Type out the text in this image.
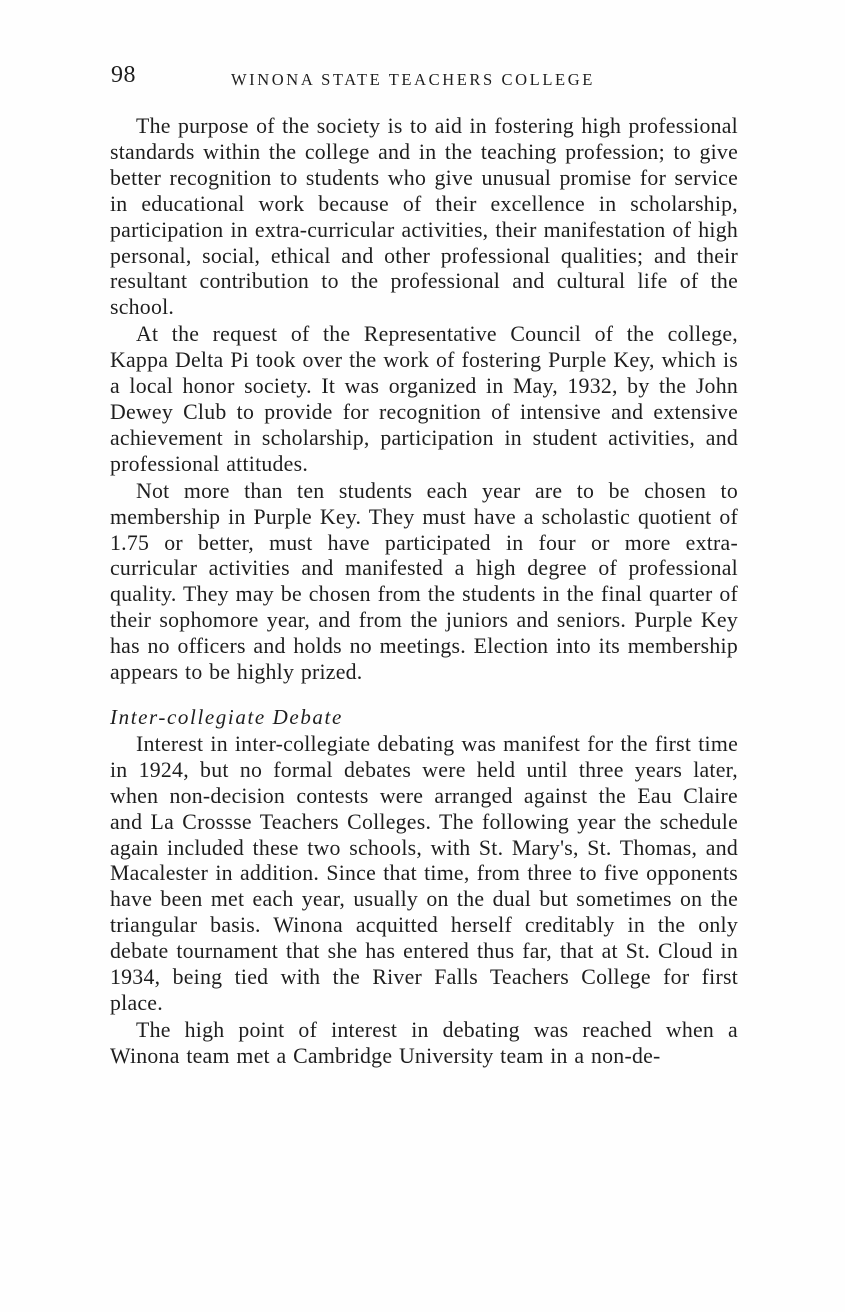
98	WINONA STATE TEACHERS COLLEGE

The purpose of the society is to aid in fostering high professional standards within the college and in the teaching profession; to give better recognition to students who give unusual promise for service in educational work because of their excellence in scholarship, participation in extra-curricular activities, their manifestation of high personal, social, ethical and other professional qualities; and their resultant contribution to the professional and cultural life of the school.

At the request of the Representative Council of the college, Kappa Delta Pi took over the work of fostering Purple Key, which is a local honor society. It was organized in May, 1932, by the John Dewey Club to provide for recognition of intensive and extensive achievement in scholarship, participation in student activities, and professional attitudes.

Not more than ten students each year are to be chosen to membership in Purple Key. They must have a scholastic quotient of 1.75 or better, must have participated in four or more extra-curricular activities and manifested a high degree of professional quality. They may be chosen from the students in the final quarter of their sophomore year, and from the juniors and seniors. Purple Key has no officers and holds no meetings. Election into its membership appears to be highly prized.

Inter-collegiate Debate

Interest in inter-collegiate debating was manifest for the first time in 1924, but no formal debates were held until three years later, when non-decision contests were arranged against the Eau Claire and La Crossse Teachers Colleges. The following year the schedule again included these two schools, with St. Mary's, St. Thomas, and Macalester in addition. Since that time, from three to five opponents have been met each year, usually on the dual but sometimes on the triangular basis. Winona acquitted herself creditably in the only debate tournament that she has entered thus far, that at St. Cloud in 1934, being tied with the River Falls Teachers College for first place.

The high point of interest in debating was reached when a Winona team met a Cambridge University team in a non-de-
